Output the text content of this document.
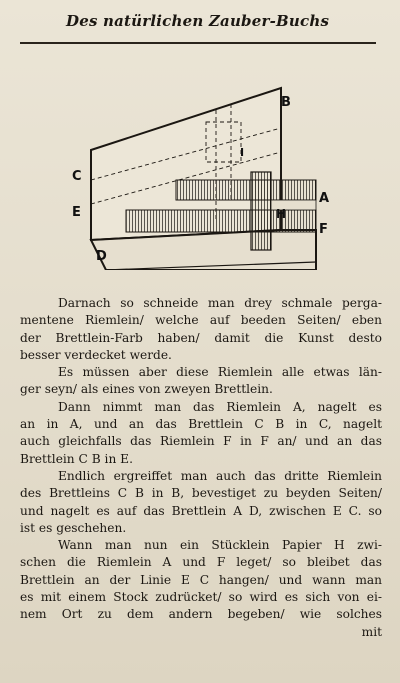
Des natürlichen Zauber-Buchs
B
I
C
E
A
H
F
D
Darnach so schneide man drey schmale perga-
mentene Riemlein/ welche auf beeden Seiten/ eben
der Brettlein-Farb haben/ damit die Kunst desto
besser verdecket werde.
Es müssen aber diese Riemlein alle etwas län-
ger seyn/ als eines von zweyen Brettlein.
Dann nimmt man das Riemlein A, nagelt es
an in A, und an das Brettlein C B in C, nagelt
auch gleichfalls das Riemlein F in F an/ und an das
Brettlein C B in E.
Endlich ergreiffet man auch das dritte Riemlein
des Brettleins C B in B, bevestiget zu beyden Seiten/
und nagelt es auf das Brettlein A D, zwischen E C. so
ist es geschehen.
Wann man nun ein Stücklein Papier H zwi-
schen die Riemlein A und F leget/ so bleibet das
Brettlein an der Linie E C hangen/ und wann man
es mit einem Stock zudrücket/ so wird es sich von ei-
nem Ort zu dem andern begeben/ wie solches
mit
